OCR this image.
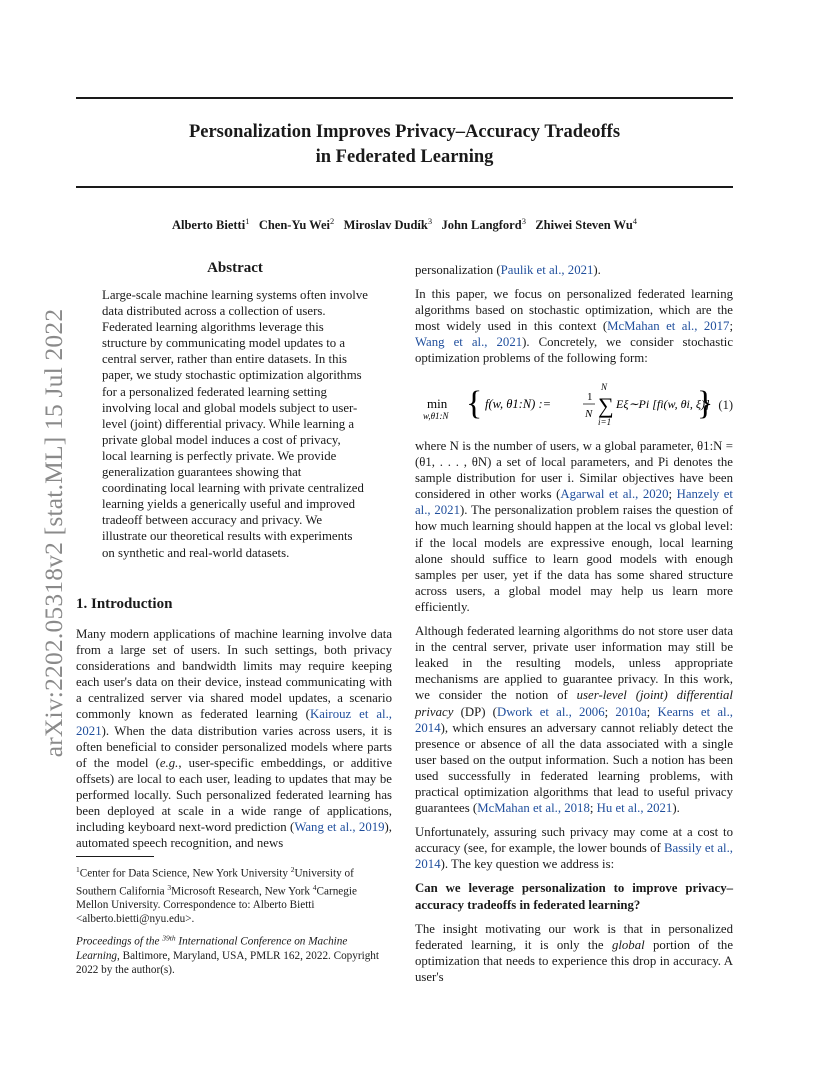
arXiv:2202.05318v2 [stat.ML] 15 Jul 2022
Personalization Improves Privacy–Accuracy Tradeoffs
in Federated Learning
Alberto Bietti$^1$ Chen-Yu Wei$^2$ Miroslav Dudík$^3$ John Langford$^3$ Zhiwei Steven Wu$^4$
Abstract
Large-scale machine learning systems often involve data distributed across a collection of users. Federated learning algorithms leverage this structure by communicating model updates to a central server, rather than entire datasets. In this paper, we study stochastic optimization algorithms for a personalized federated learning setting involving local and global models subject to user-level (joint) differential privacy. While learning a private global model induces a cost of privacy, local learning is perfectly private. We provide generalization guarantees showing that coordinating local learning with private centralized learning yields a generically useful and improved tradeoff between accuracy and privacy. We illustrate our theoretical results with experiments on synthetic and real-world datasets.
1. Introduction

Many modern applications of machine learning involve data from a large set of users. In such settings, both privacy considerations and bandwidth limits may require keeping each user's data on their device, instead communicating with a centralized server via shared model updates, a scenario commonly known as federated learning (Kairouz et al., 2021). When the data distribution varies across users, it is often beneficial to consider personalized models where parts of the model (e.g., user-specific embeddings, or additive offsets) are local to each user, leading to updates that may be performed locally. Such personalized federated learning has been deployed at scale in a wide range of applications, including keyboard next-word prediction (Wang et al., 2019), automated speech recognition, and news

$^1$Center for Data Science, New York University $^2$University of Southern California $^3$Microsoft Research, New York $^4$Carnegie Mellon University. Correspondence to: Alberto Bietti <alberto.bietti@nyu.edu>.
Proceedings of the $^{39th}$ International Conference on Machine Learning, Baltimore, Maryland, USA, PMLR 162, 2022. Copyright 2022 by the author(s).

personalization (Paulik et al., 2021).

In this paper, we focus on personalized federated learning algorithms based on stochastic optimization, which are the most widely used in this context (McMahan et al., 2017; Wang et al., 2021). Concretely, we consider stochastic optimization problems of the following form:

min
w,θ1:N { f(w, θ1:N) :=	1
N
N
∑
i=1
Eξ∼Pi [fi(w, θi, ξ)]
} (1)

where N is the number of users, w a global parameter, θ1:N = (θ1, . . . , θN) a set of local parameters, and Pi denotes the sample distribution for user i. Similar objectives have been considered in other works (Agarwal et al., 2020; Hanzely et al., 2021). The personalization problem raises the question of how much learning should happen at the local vs global level: if the local models are expressive enough, local learning alone should suffice to learn good models with enough samples per user, yet if the data has some shared structure across users, a global model may help us learn more efficiently.

Although federated learning algorithms do not store user data in the central server, private user information may still be leaked in the resulting models, unless appropriate mechanisms are applied to guarantee privacy. In this work, we consider the notion of user-level (joint) differential privacy (DP) (Dwork et al., 2006; 2010a; Kearns et al., 2014), which ensures an adversary cannot reliably detect the presence or absence of all the data associated with a single user based on the output information. Such a notion has been used successfully in federated learning problems, with practical optimization algorithms that lead to useful privacy guarantees (McMahan et al., 2018; Hu et al., 2021).

Unfortunately, assuring such privacy may come at a cost to accuracy (see, for example, the lower bounds of Bassily et al., 2014). The key question we address is:

Can we leverage personalization to improve privacy–accuracy tradeoffs in federated learning?

The insight motivating our work is that in personalized federated learning, it is only the global portion of the optimization that needs to experience this drop in accuracy. A user's
